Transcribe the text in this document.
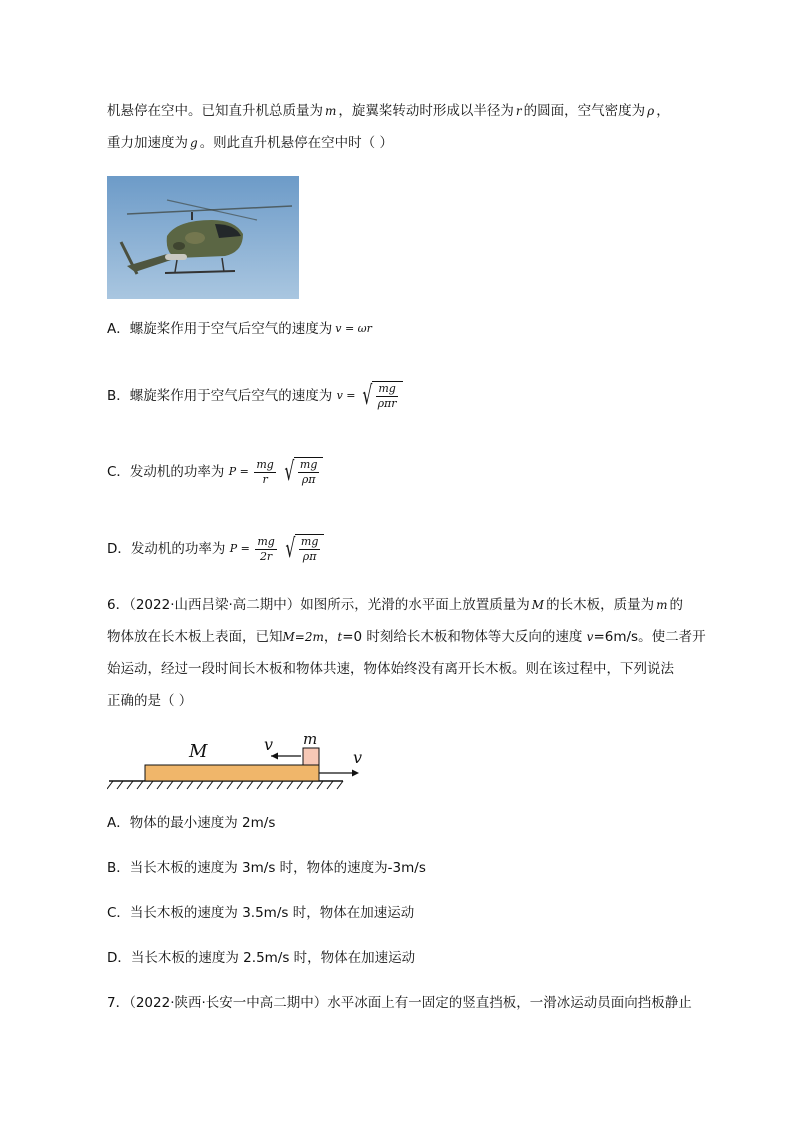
机悬停在空中。已知直升机总质量为 m ，旋翼桨转动时形成以半径为 r 的圆面，空气密度为 ρ ，
重力加速度为 g 。则此直升机悬停在空中时（ ）
A．螺旋桨作用于空气后空气的速度为 v = ωr
B．螺旋桨作用于空气后空气的速度为 v = √ $\frac{mg}{\text{ρπr}}$
C．发动机的功率为 $P = \frac{mg}{r}$
√ $\frac{mg}{\rho\pi}$
D．发动机的功率为 $P = \frac{mg}{2r}$
√ $\frac{mg}{\rho\pi}$
6．（2022·山西吕梁·高二期中）如图所示，光滑的水平面上放置质量为 M 的长木板，质量为 m 的
物体放在长木板上表面，已知M=2m，t=0 时刻给长木板和物体等大反向的速度 v=6m/s。使二者开
始运动，经过一段时间长木板和物体共速，物体始终没有离开长木板。则在该过程中，下列说法
正确的是（ ）
M
m
v
v
A．物体的最小速度为 2m/s
B．当长木板的速度为 3m/s 时，物体的速度为-3m/s
C．当长木板的速度为 3.5m/s 时，物体在加速运动
D．当长木板的速度为 2.5m/s 时，物体在加速运动
7．（2022·陕西·长安一中高二期中）水平冰面上有一固定的竖直挡板，一滑冰运动员面向挡板静止
